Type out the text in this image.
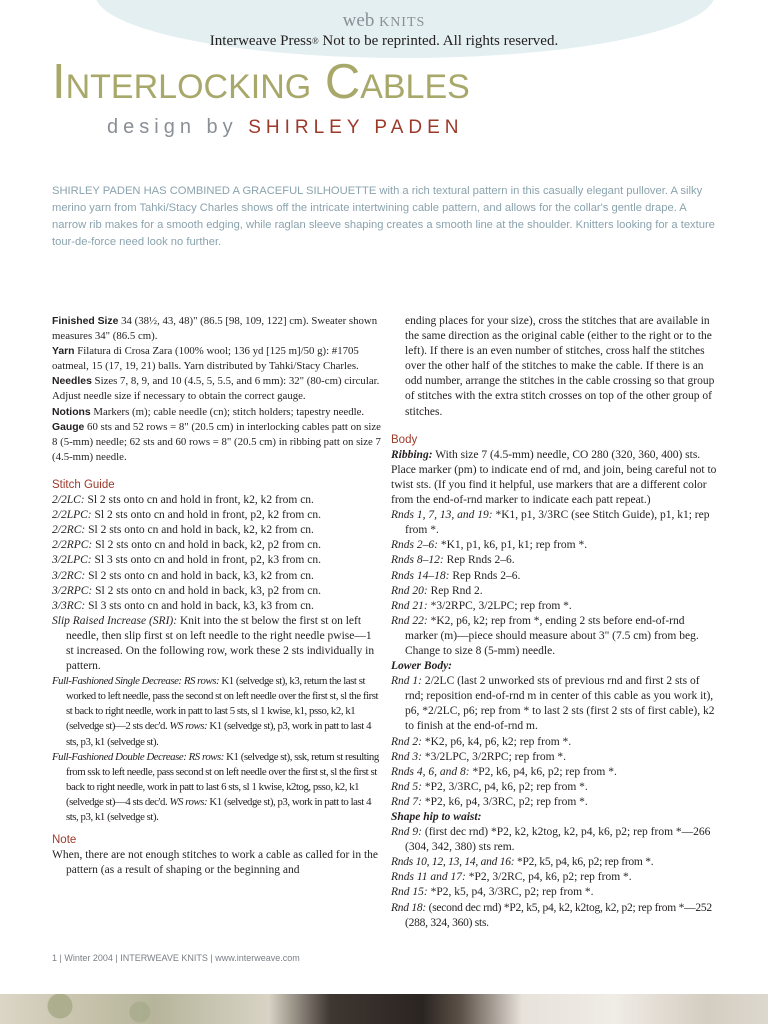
web KNITS
Interweave Press® Not to be reprinted. All rights reserved.
Interlocking Cables
design by SHIRLEY PADEN

SHIRLEY PADEN HAS COMBINED A GRACEFUL SILHOUETTE with a rich textural pattern in this casually elegant pullover. A silky merino yarn from Tahki/Stacy Charles shows off the intricate intertwining cable pattern, and allows for the collar's gentle drape. A narrow rib makes for a smooth edging, while raglan sleeve shaping creates a smooth line at the shoulder. Knitters looking for a texture tour-de-force need look no further.

Finished Size 34 (38½, 43, 48)" (86.5 [98, 109, 122] cm). Sweater shown measures 34" (86.5 cm).

Yarn Filatura di Crosa Zara (100% wool; 136 yd [125 m]/50 g): #1705 oatmeal, 15 (17, 19, 21) balls. Yarn distributed by Tahki/Stacy Charles.

Needles Sizes 7, 8, 9, and 10 (4.5, 5, 5.5, and 6 mm): 32" (80-cm) circular. Adjust needle size if necessary to obtain the correct gauge.

Notions Markers (m); cable needle (cn); stitch holders; tapestry needle.

Gauge 60 sts and 52 rows = 8" (20.5 cm) in interlocking cables patt on size 8 (5-mm) needle; 62 sts and 60 rows = 8" (20.5 cm) in ribbing patt on size 7 (4.5-mm) needle.

Stitch Guide

2/2LC: Sl 2 sts onto cn and hold in front, k2, k2 from cn.

2/2LPC: Sl 2 sts onto cn and hold in front, p2, k2 from cn.

2/2RC: Sl 2 sts onto cn and hold in back, k2, k2 from cn.

2/2RPC: Sl 2 sts onto cn and hold in back, k2, p2 from cn.

3/2LPC: Sl 3 sts onto cn and hold in front, p2, k3 from cn.

3/2RC: Sl 2 sts onto cn and hold in back, k3, k2 from cn.

3/2RPC: Sl 2 sts onto cn and hold in back, k3, p2 from cn.

3/3RC: Sl 3 sts onto cn and hold in back, k3, k3 from cn.

Slip Raised Increase (SRI): Knit into the st below the first st on left needle, then slip first st on left needle to the right needle pwise—1 st increased. On the following row, work these 2 sts individually in pattern.

Full-Fashioned Single Decrease: RS rows: K1 (selvedge st), k3, return the last st worked to left needle, pass the second st on left needle over the first st, sl the first st back to right needle, work in patt to last 5 sts, sl 1 kwise, k1, psso, k2, k1 (selvedge st)—2 sts dec'd. WS rows: K1 (selvedge st), p3, work in patt to last 4 sts, p3, k1 (selvedge st).

Full-Fashioned Double Decrease: RS rows: K1 (selvedge st), ssk, return st resulting from ssk to left needle, pass second st on left needle over the first st, sl the first st back to right needle, work in patt to last 6 sts, sl 1 kwise, k2tog, psso, k2, k1 (selvedge st)—4 sts dec'd. WS rows: K1 (selvedge st), p3, work in patt to last 4 sts, p3, k1 (selvedge st).

Note

When, there are not enough stitches to work a cable as called for in the pattern (as a result of shaping or the beginning and

ending places for your size), cross the stitches that are available in the same direction as the original cable (either to the right or to the left). If there is an even number of stitches, cross half the stitches over the other half of the stitches to make the cable. If there is an odd number, arrange the stitches in the cable crossing so that group of stitches with the extra stitch crosses on top of the other group of stitches.

Body

Ribbing: With size 7 (4.5-mm) needle, CO 280 (320, 360, 400) sts. Place marker (pm) to indicate end of rnd, and join, being careful not to twist sts. (If you find it helpful, use markers that are a different color from the end-of-rnd marker to indicate each patt repeat.)

Rnds 1, 7, 13, and 19: *K1, p1, 3/3RC (see Stitch Guide), p1, k1; rep from *.

Rnds 2–6: *K1, p1, k6, p1, k1; rep from *.

Rnds 8–12: Rep Rnds 2–6.

Rnds 14–18: Rep Rnds 2–6.

Rnd 20: Rep Rnd 2.

Rnd 21: *3/2RPC, 3/2LPC; rep from *.

Rnd 22: *K2, p6, k2; rep from *, ending 2 sts before end-of-rnd marker (m)—piece should measure about 3" (7.5 cm) from beg. Change to size 8 (5-mm) needle.

Lower Body:

Rnd 1: 2/2LC (last 2 unworked sts of previous rnd and first 2 sts of rnd; reposition end-of-rnd m in center of this cable as you work it), p6, *2/2LC, p6; rep from * to last 2 sts (first 2 sts of first cable), k2 to finish at the end-of-rnd m.

Rnd 2: *K2, p6, k4, p6, k2; rep from *.

Rnd 3: *3/2LPC, 3/2RPC; rep from *.

Rnds 4, 6, and 8: *P2, k6, p4, k6, p2; rep from *.

Rnd 5: *P2, 3/3RC, p4, k6, p2; rep from *.

Rnd 7: *P2, k6, p4, 3/3RC, p2; rep from *.

Shape hip to waist:

Rnd 9: (first dec rnd) *P2, k2, k2tog, k2, p4, k6, p2; rep from *—266 (304, 342, 380) sts rem.

Rnds 10, 12, 13, 14, and 16: *P2, k5, p4, k6, p2; rep from *.

Rnds 11 and 17: *P2, 3/2RC, p4, k6, p2; rep from *.

Rnd 15: *P2, k5, p4, 3/3RC, p2; rep from *.

Rnd 18: (second dec rnd) *P2, k5, p4, k2, k2tog, k2, p2; rep from *—252 (288, 324, 360) sts.

1 | Winter 2004 | INTERWEAVE KNITS | www.interweave.com
